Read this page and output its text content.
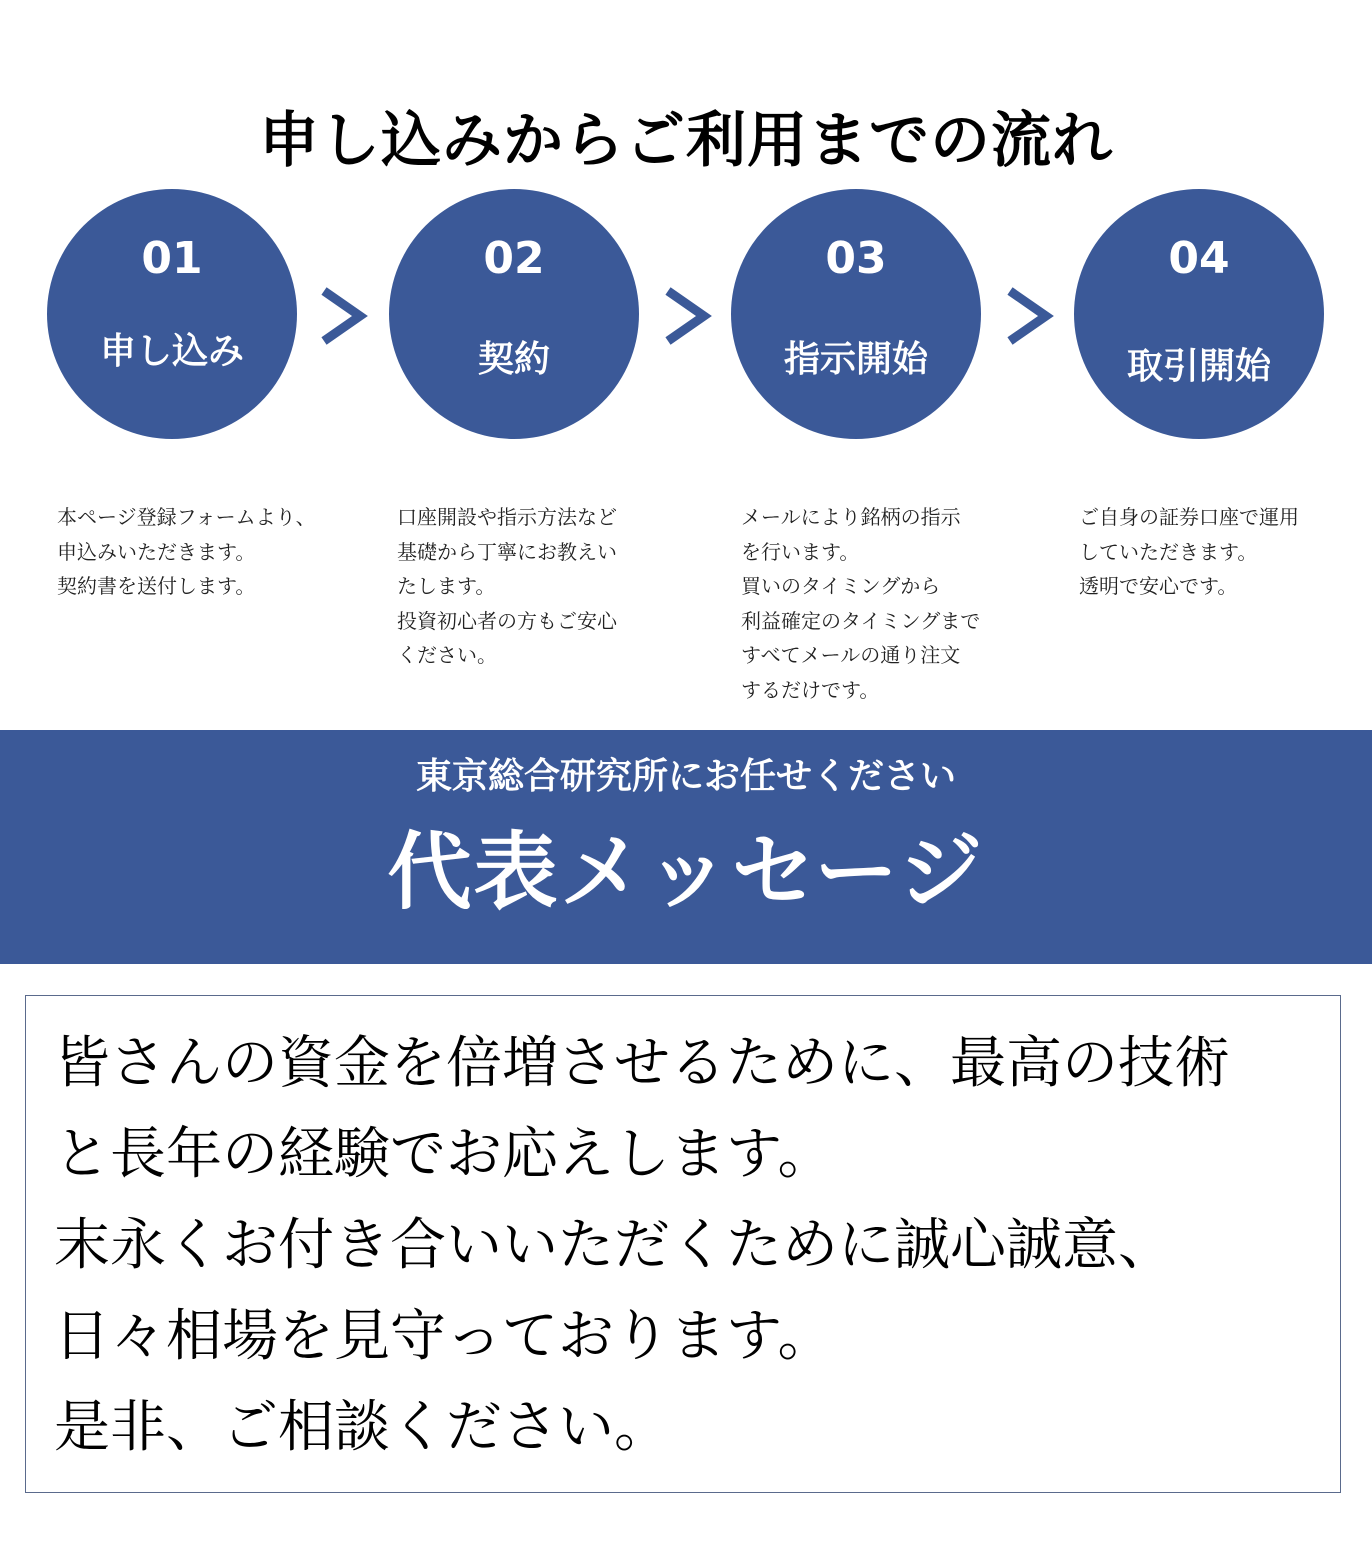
申し込みからご利用までの流れ
01
申し込み
02
契約
03
指示開始
04
取引開始

本ページ登録フォームより、
申込みいただきます。
契約書を送付します。

口座開設や指示方法など
基礎から丁寧にお教えい
たします。
投資初心者の方もご安心
ください。

メールにより銘柄の指示
を行います。
買いのタイミングから
利益確定のタイミングまで
すべてメールの通り注文
するだけです。

ご自身の証券口座で運用
していただきます。
透明で安心です。

東京総合研究所にお任せください
代表メッセージ

皆さんの資金を倍増させるために、最高の技術
と長年の経験でお応えします。
末永くお付き合いいただくために誠心誠意、
日々相場を見守っております。
是非、ご相談ください。
